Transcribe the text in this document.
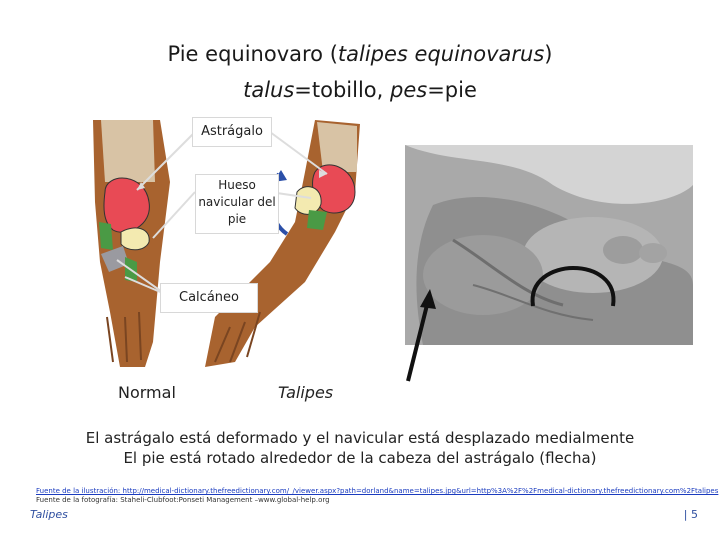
Pie equinovaro (talipes equinovarus)
talus=tobillo, pes=pie
Astrágalo
Hueso
navicular del
pie
Calcáneo
Normal	Talipes
El astrágalo está deformado y el navicular está desplazado medialmente
El pie está rotado alrededor de la cabeza del astrágalo (flecha)
Fuente de la ilustración: http://medical-dictionary.thefreedictionary.com/_/viewer.aspx?path=dorland&name=talipes.jpg&url=http%3A%2F%2Fmedical-dictionary.thefreedictionary.com%2Ftalipes
Fuente de la fotografía: Staheli-Clubfoot:Ponseti Management –www.global-help.org
Talipes	| 5
